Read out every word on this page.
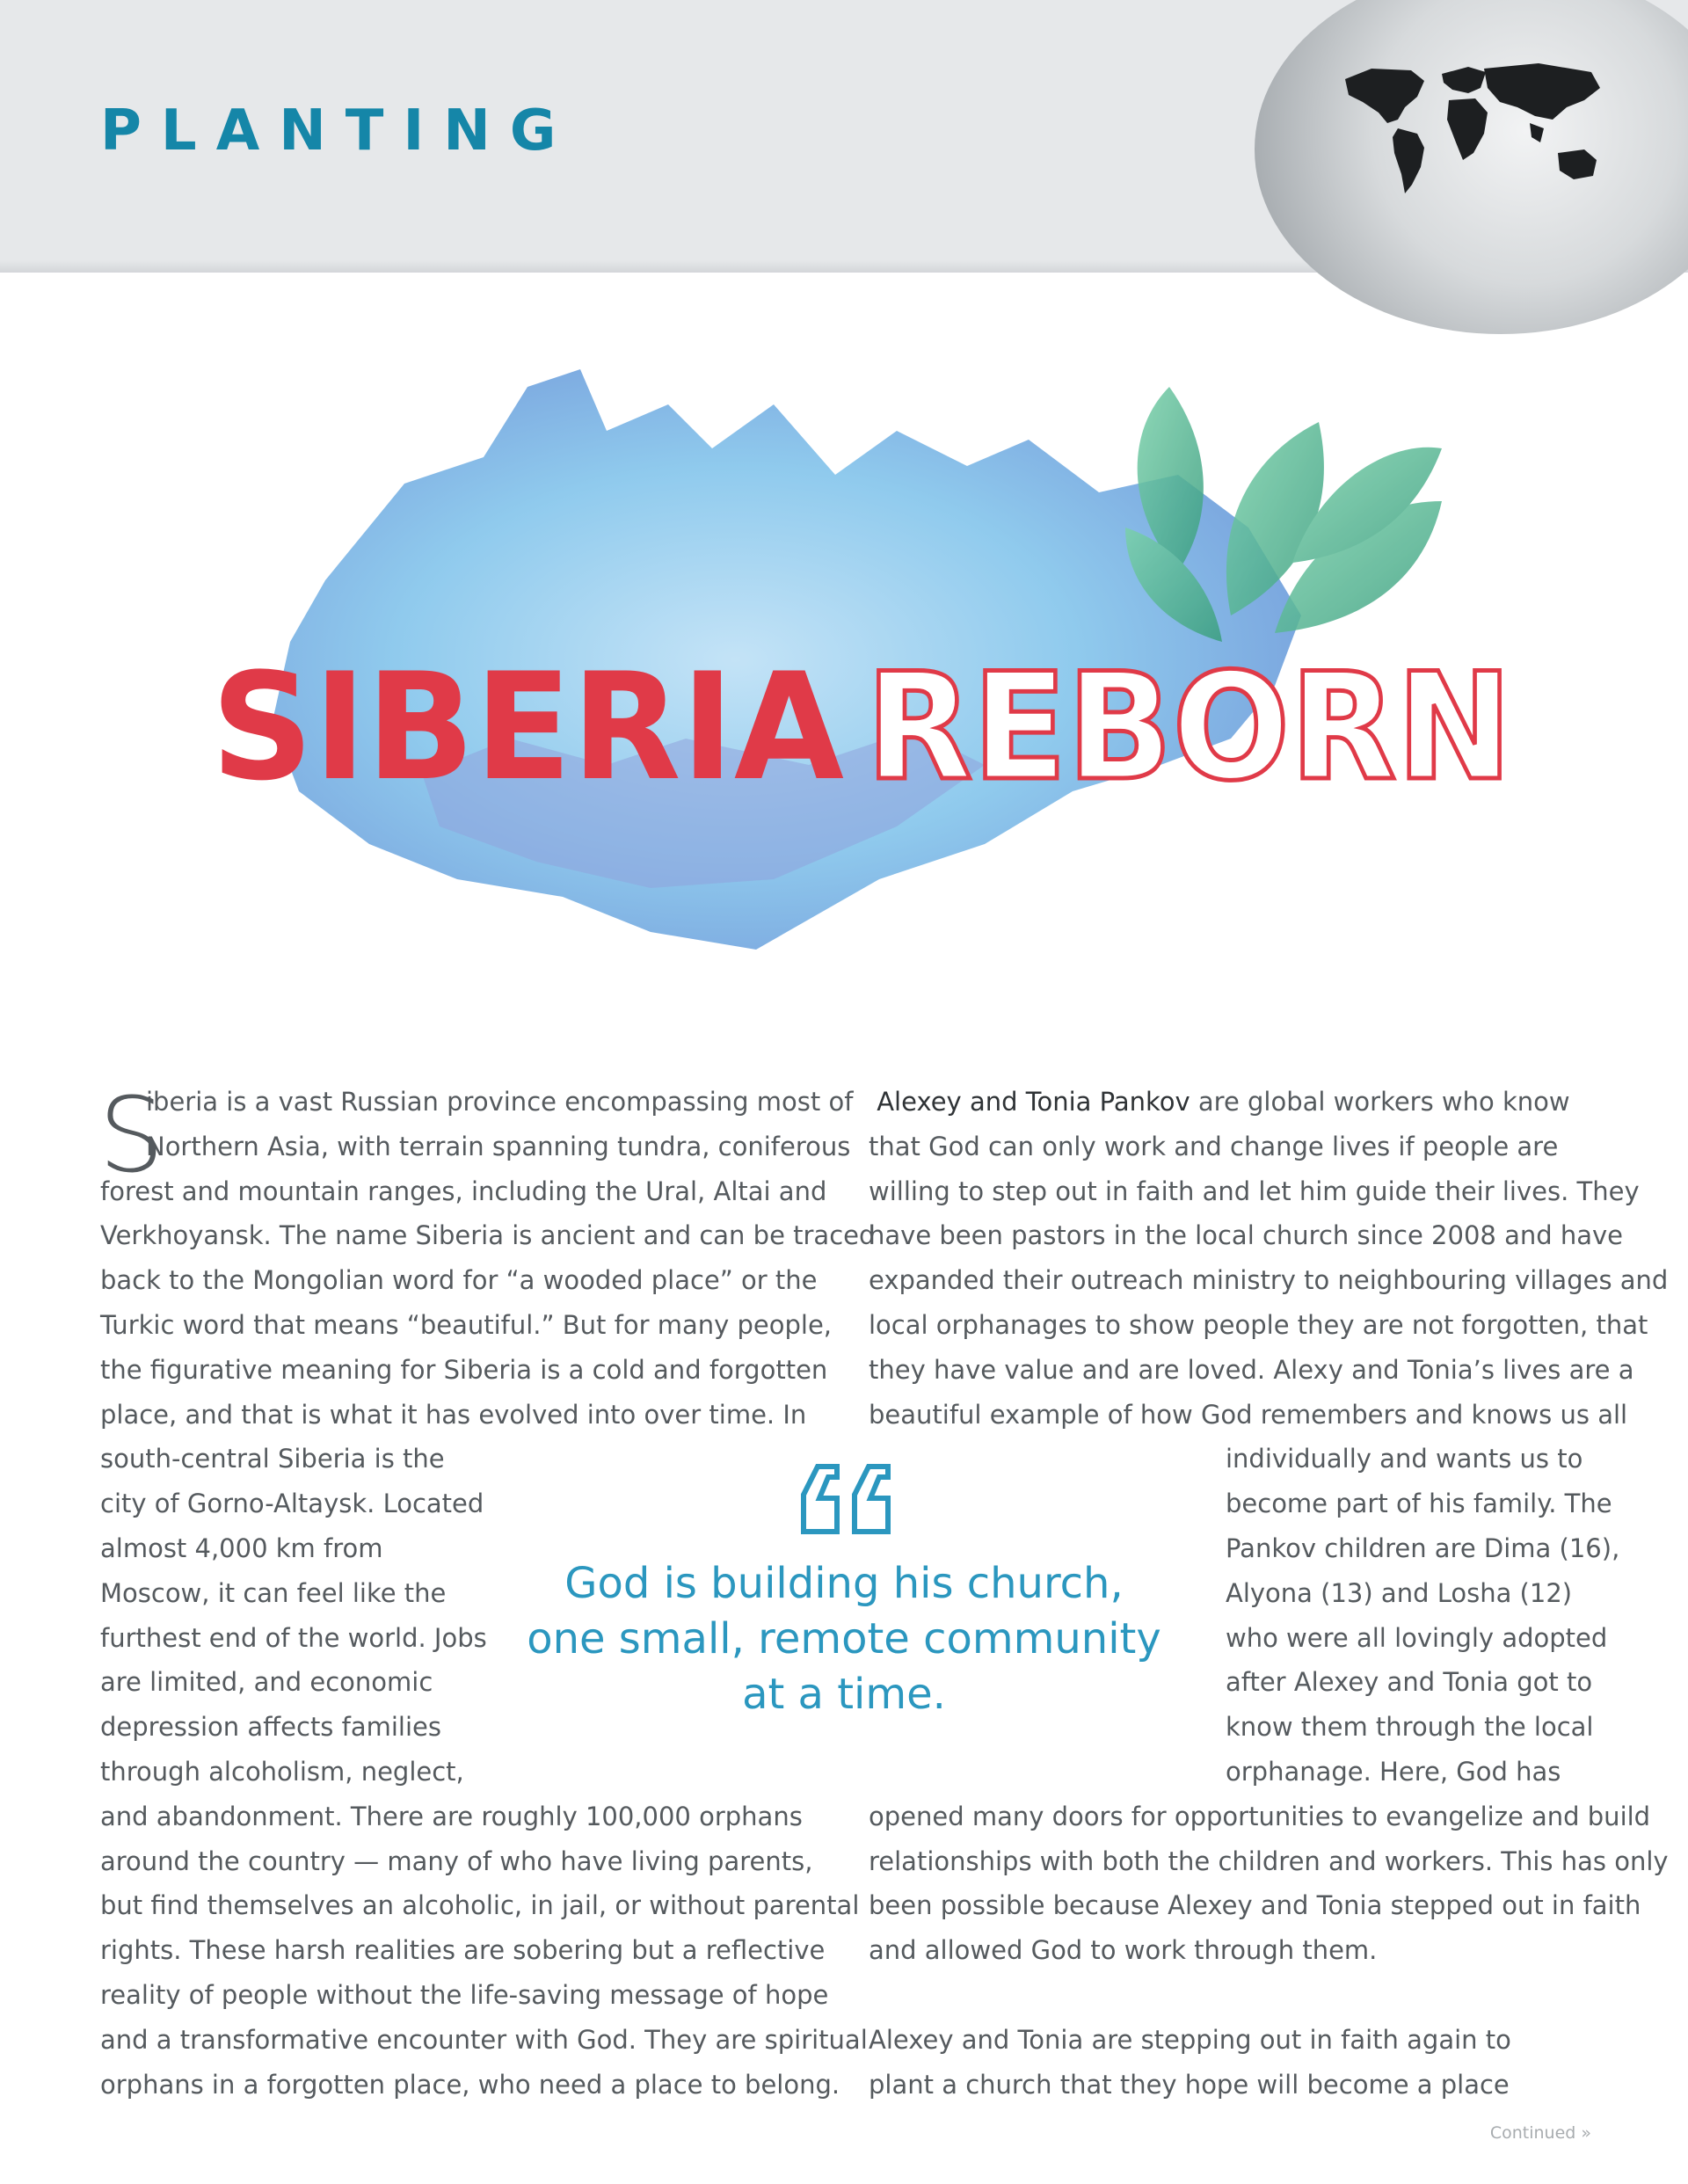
PLANTING
SIBERIA REBORN
S

iberia is a vast Russian province encompassing most of
Northern Asia, with terrain spanning tundra, coniferous

forest and mountain ranges, including the Ural, Altai and
Verkhoyansk. The name Siberia is ancient and can be traced
back to the Mongolian word for “a wooded place” or the
Turkic word that means “beautiful.” But for many people,
the figurative meaning for Siberia is a cold and forgotten
place, and that is what it has evolved into over time. In

south-central Siberia is the
city of Gorno-Altaysk. Located
almost 4,000 km from
Moscow, it can feel like the
furthest end of the world. Jobs
are limited, and economic
depression affects families
through alcoholism, neglect,

and abandonment. There are roughly 100,000 orphans
around the country — many of who have living parents,
but find themselves an alcoholic, in jail, or without parental
rights. These harsh realities are sobering but a reflective
reality of people without the life-saving message of hope
and a transformative encounter with God. They are spiritual
orphans in a forgotten place, who need a place to belong.

Alexey and Tonia Pankov are global workers who know
that God can only work and change lives if people are
willing to step out in faith and let him guide their lives. They
have been pastors in the local church since 2008 and have
expanded their outreach ministry to neighbouring villages and
local orphanages to show people they are not forgotten, that
they have value and are loved. Alexy and Tonia’s lives are a
beautiful example of how God remembers and knows us all

individually and wants us to
become part of his family. The
Pankov children are Dima (16),
Alyona (13) and Losha (12)
who were all lovingly adopted
after Alexey and Tonia got to
know them through the local
orphanage. Here, God has

opened many doors for opportunities to evangelize and build
relationships with both the children and workers. This has only
been possible because Alexey and Tonia stepped out in faith
and allowed God to work through them.

Alexey and Tonia are stepping out in faith again to
plant a church that they hope will become a place

God is building his church,
one small, remote community
at a time.

Continued »
